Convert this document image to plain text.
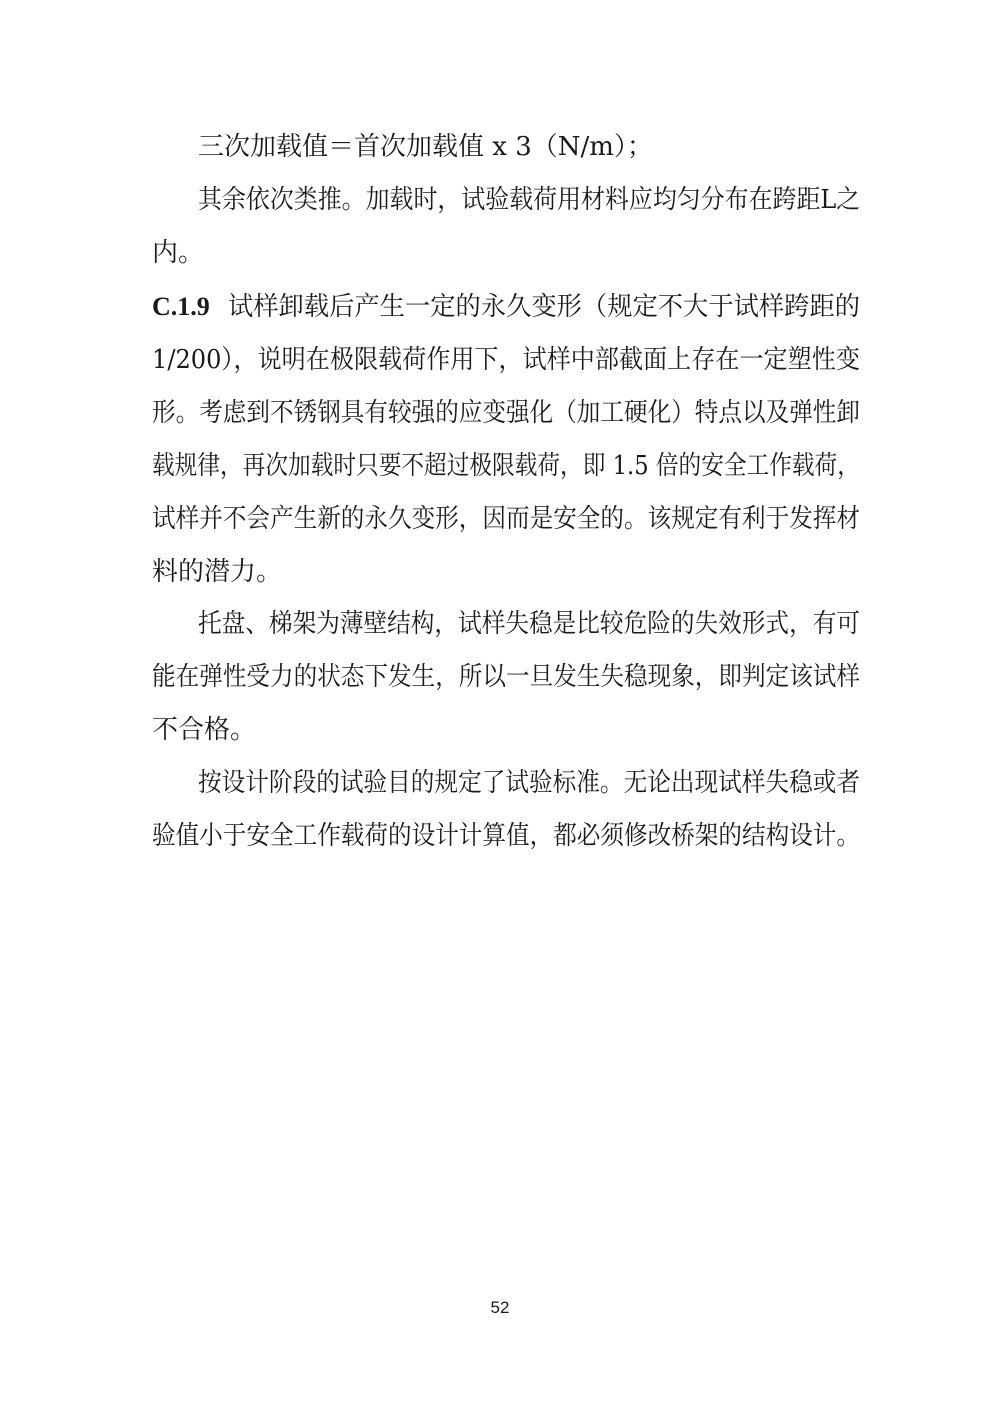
三次加载值＝首次加载值 x 3（N/m）；
其余依次类推。加载时，试验载荷用材料应均匀分布在跨距L之
内。
C.1.9 试样卸载后产生一定的永久变形（规定不大于试样跨距的
1/200），说明在极限载荷作用下，试样中部截面上存在一定塑性变
形。考虑到不锈钢具有较强的应变强化（加工硬化）特点以及弹性卸
载规律，再次加载时只要不超过极限载荷，即 1.5 倍的安全工作载荷，
试样并不会产生新的永久变形，因而是安全的。该规定有利于发挥材
料的潜力。
托盘、梯架为薄壁结构，试样失稳是比较危险的失效形式，有可
能在弹性受力的状态下发生，所以一旦发生失稳现象，即判定该试样
不合格。
按设计阶段的试验目的规定了试验标准。无论出现试样失稳或者
验值小于安全工作载荷的设计计算值，都必须修改桥架的结构设计。
52
